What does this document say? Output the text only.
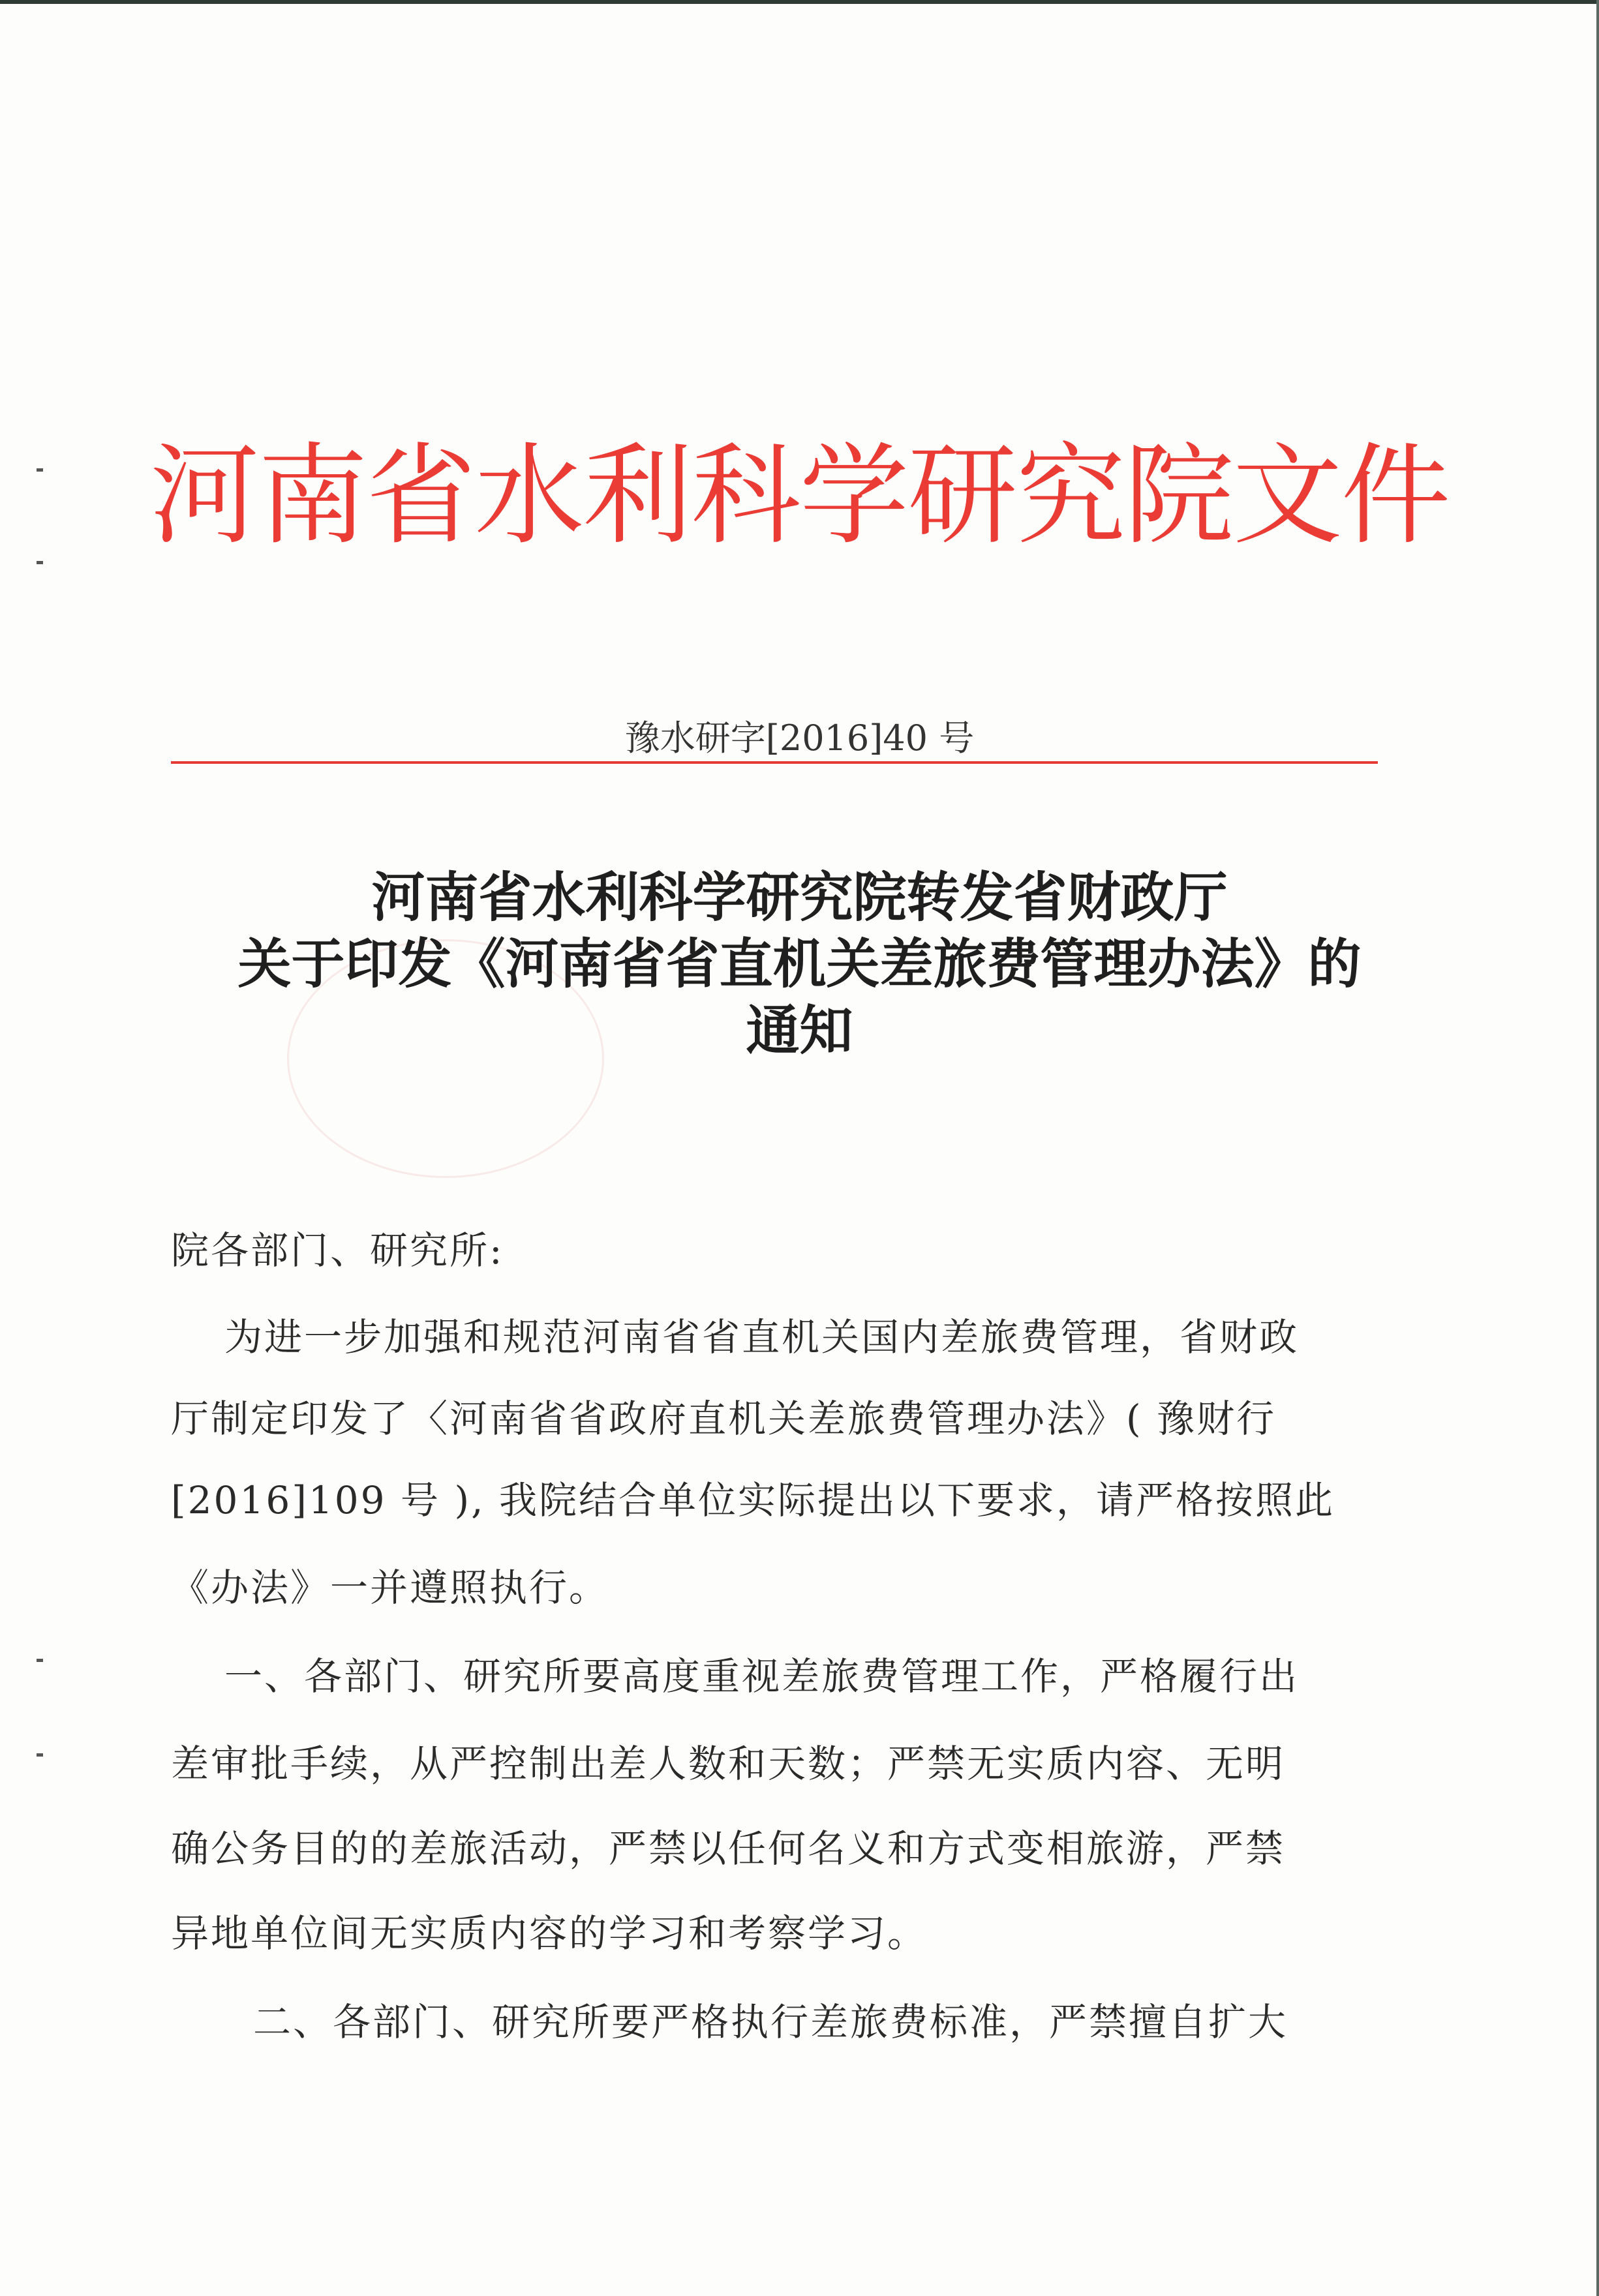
河南省水利科学研究院文件
豫水研字[2016]40 号
河南省水利科学研究院转发省财政厅
关于印发《河南省省直机关差旅费管理办法》的
通知
院各部门、研究所:
为进一步加强和规范河南省省直机关国内差旅费管理，省财政
厅制定印发了〈河南省省政府直机关差旅费管理办法》( 豫财行
[2016]109 号 ), 我院结合单位实际提出以下要求，请严格按照此
《办法》一并遵照执行。
一、各部门、研究所要高度重视差旅费管理工作，严格履行出
差审批手续，从严控制出差人数和天数；严禁无实质内容、无明
确公务目的的差旅活动，严禁以任何名义和方式变相旅游，严禁
异地单位间无实质内容的学习和考察学习。
二、各部门、研究所要严格执行差旅费标准，严禁擅自扩大
